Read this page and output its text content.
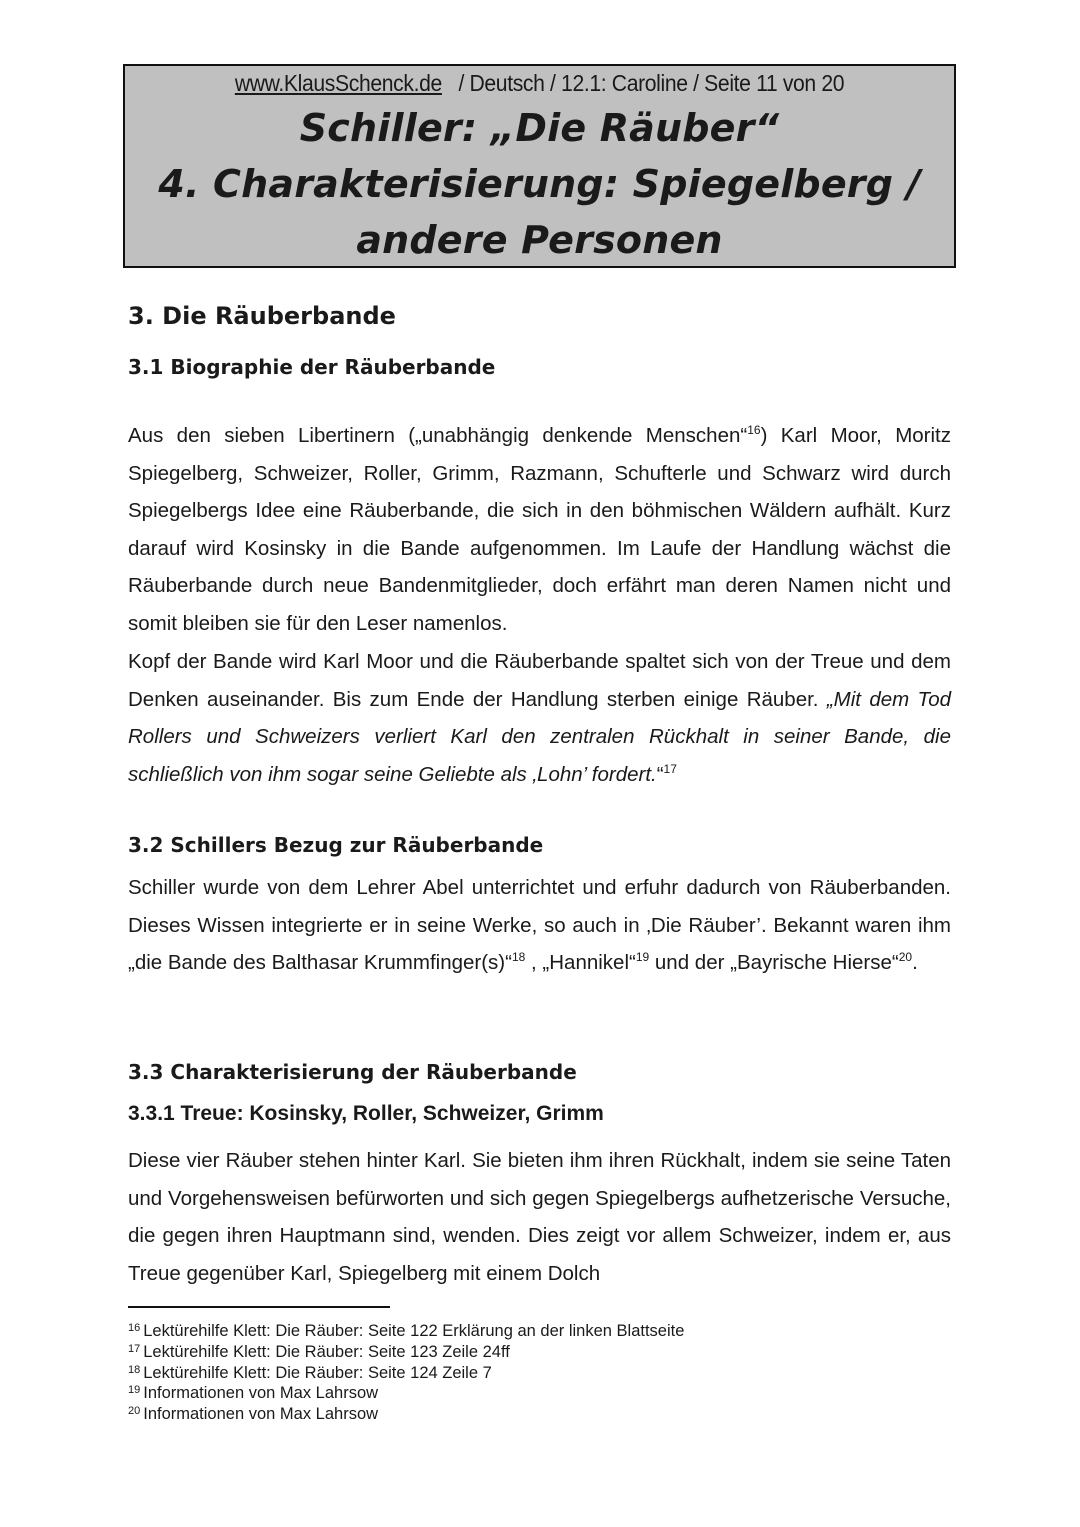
www.KlausSchenck.de / Deutsch / 12.1: Caroline / Seite 11 von 20
Schiller: „Die Räuber“
4. Charakterisierung: Spiegelberg /
andere Personen
3. Die Räuberbande
3.1 Biographie der Räuberbande

Aus den sieben Libertinern („unabhängig denkende Menschen“$^{16}$) Karl Moor, Moritz Spiegelberg, Schweizer, Roller, Grimm, Razmann, Schufterle und Schwarz wird durch Spiegelbergs Idee eine Räuberbande, die sich in den böhmischen Wäldern aufhält. Kurz darauf wird Kosinsky in die Bande aufgenommen. Im Laufe der Handlung wächst die Räuberbande durch neue Bandenmitglieder, doch erfährt man deren Namen nicht und somit bleiben sie für den Leser namenlos.

Kopf der Bande wird Karl Moor und die Räuberbande spaltet sich von der Treue und dem Denken auseinander. Bis zum Ende der Handlung sterben einige Räuber. „Mit dem Tod Rollers und Schweizers verliert Karl den zentralen Rückhalt in seiner Bande, die schließlich von ihm sogar seine Geliebte als ‚Lohn’ fordert.“$^{17}$

3.2 Schillers Bezug zur Räuberbande

Schiller wurde von dem Lehrer Abel unterrichtet und erfuhr dadurch von Räuberbanden. Dieses Wissen integrierte er in seine Werke, so auch in ‚Die Räuber’. Bekannt waren ihm „die Bande des Balthasar Krummfinger(s)“$^{18}$ , „Hannikel“$^{19}$ und der „Bayrische Hierse“$^{20}$.

3.3 Charakterisierung der Räuberbande
3.3.1 Treue: Kosinsky, Roller, Schweizer, Grimm

Diese vier Räuber stehen hinter Karl. Sie bieten ihm ihren Rückhalt, indem sie seine Taten und Vorgehensweisen befürworten und sich gegen Spiegelbergs aufhetzerische Versuche, die gegen ihren Hauptmann sind, wenden. Dies zeigt vor allem Schweizer, indem er, aus Treue gegenüber Karl, Spiegelberg mit einem Dolch

$^{16}$ Lektürehilfe Klett: Die Räuber: Seite 122 Erklärung an der linken Blattseite
$^{17}$ Lektürehilfe Klett: Die Räuber: Seite 123 Zeile 24ff
$^{18}$ Lektürehilfe Klett: Die Räuber: Seite 124 Zeile 7
$^{19}$ Informationen von Max Lahrsow
$^{20}$ Informationen von Max Lahrsow
